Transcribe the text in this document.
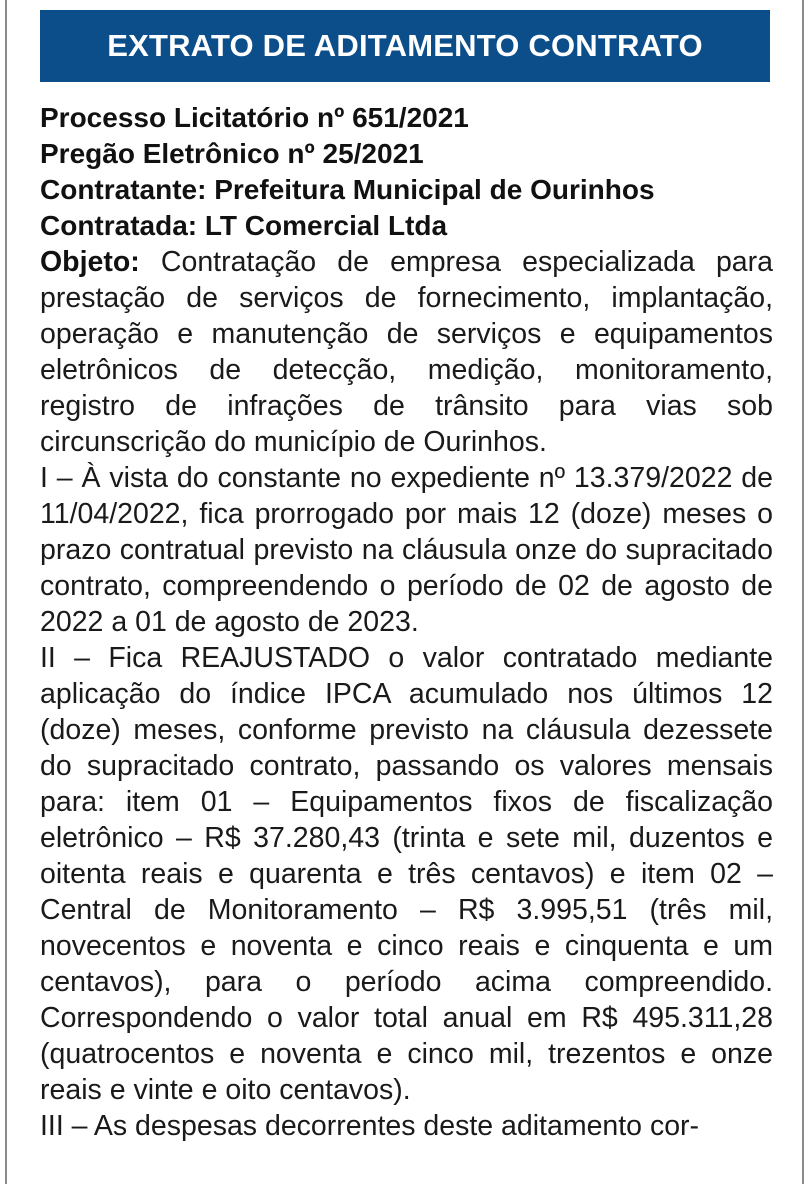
EXTRATO DE ADITAMENTO CONTRATO
Processo Licitatório nº 651/2021
Pregão Eletrônico nº 25/2021
Contratante: Prefeitura Municipal de Ourinhos
Contratada: LT Comercial Ltda
Objeto: Contratação de empresa especializada para prestação de serviços de fornecimento, implantação, operação e manutenção de serviços e equipamentos eletrônicos de detecção, medição, monitoramento, registro de infrações de trânsito para vias sob circunscrição do município de Ourinhos.
I – À vista do constante no expediente nº 13.379/2022 de 11/04/2022, fica prorrogado por mais 12 (doze) meses o prazo contratual previsto na cláusula onze do supracitado contrato, compreendendo o período de 02 de agosto de 2022 a 01 de agosto de 2023.
II – Fica REAJUSTADO o valor contratado mediante aplicação do índice IPCA acumulado nos últimos 12 (doze) meses, conforme previsto na cláusula dezessete do supracitado contrato, passando os valores mensais para: item 01 – Equipamentos fixos de fiscalização eletrônico – R$ 37.280,43 (trinta e sete mil, duzentos e oitenta reais e quarenta e três centavos) e item 02 – Central de Monitoramento – R$ 3.995,51 (três mil, novecentos e noventa e cinco reais e cinquenta e um centavos), para o período acima compreendido. Correspondendo o valor total anual em R$ 495.311,28 (quatrocentos e noventa e cinco mil, trezentos e onze reais e vinte e oito centavos).
III – As despesas decorrentes deste aditamento cor-
